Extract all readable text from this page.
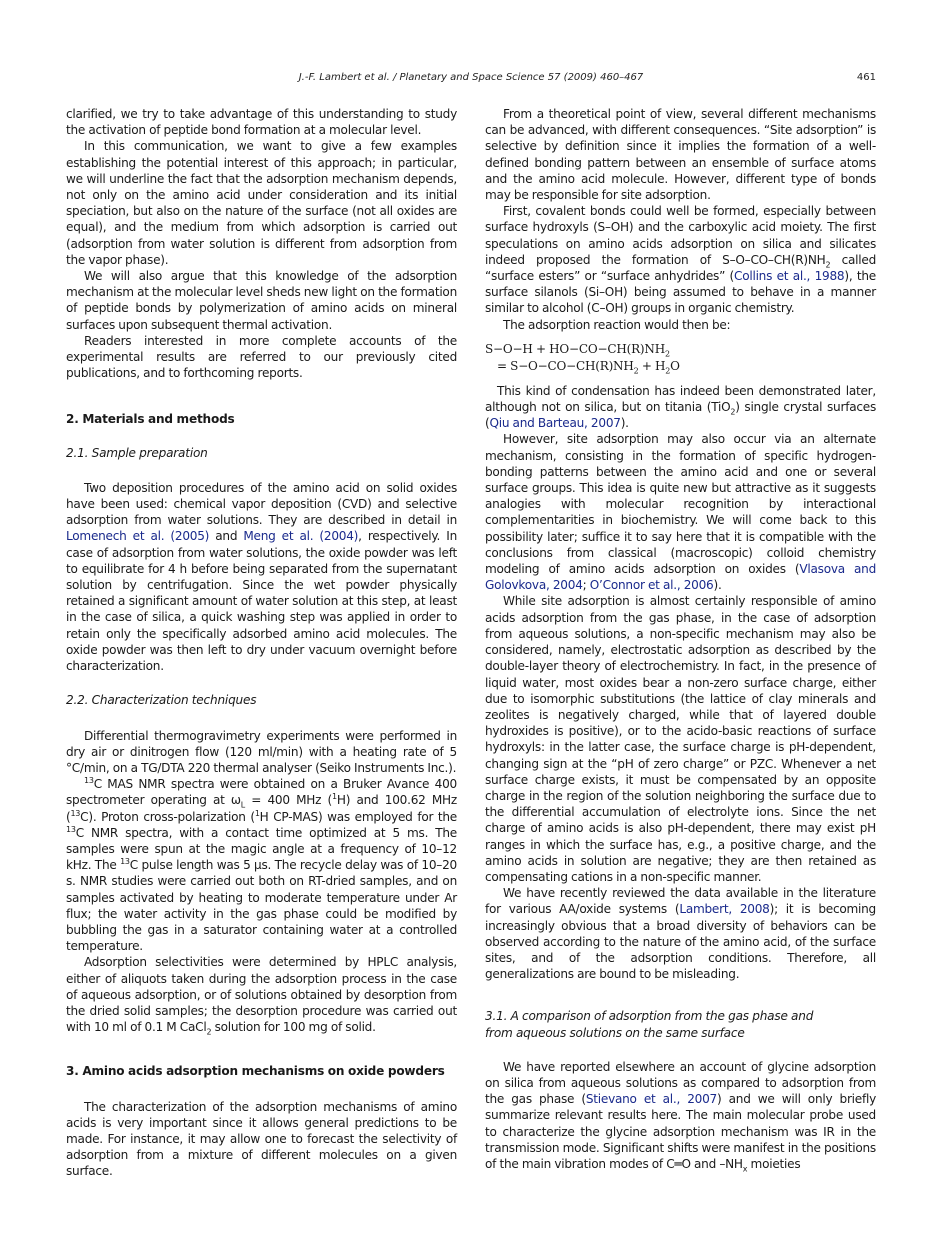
J.-F. Lambert et al. / Planetary and Space Science 57 (2009) 460–467	461

clarified, we try to take advantage of this understanding to study the activation of peptide bond formation at a molecular level.

In this communication, we want to give a few examples establishing the potential interest of this approach; in particular, we will underline the fact that the adsorption mechanism depends, not only on the amino acid under consideration and its initial speciation, but also on the nature of the surface (not all oxides are equal), and the medium from which adsorption is carried out (adsorption from water solution is different from adsorption from the vapor phase).

We will also argue that this knowledge of the adsorption mechanism at the molecular level sheds new light on the formation of peptide bonds by polymerization of amino acids on mineral surfaces upon subsequent thermal activation.

Readers interested in more complete accounts of the experimental results are referred to our previously cited publications, and to forthcoming reports.

2. Materials and methods
2.1. Sample preparation

Two deposition procedures of the amino acid on solid oxides have been used: chemical vapor deposition (CVD) and selective adsorption from water solutions. They are described in detail in Lomenech et al. (2005) and Meng et al. (2004), respectively. In case of adsorption from water solutions, the oxide powder was left to equilibrate for 4 h before being separated from the supernatant solution by centrifugation. Since the wet powder physically retained a significant amount of water solution at this step, at least in the case of silica, a quick washing step was applied in order to retain only the specifically adsorbed amino acid molecules. The oxide powder was then left to dry under vacuum overnight before characterization.

2.2. Characterization techniques

Differential thermogravimetry experiments were performed in dry air or dinitrogen flow (120 ml/min) with a heating rate of 5 °C/min, on a TG/DTA 220 thermal analyser (Seiko Instruments Inc.).

$^{13}$C MAS NMR spectra were obtained on a Bruker Avance 400 spectrometer operating at $\omega_L = 400$ MHz ($^1$H) and 100.62 MHz ($^{13}$C). Proton cross-polarization ($^1$H CP-MAS) was employed for the $^{13}$C NMR spectra, with a contact time optimized at 5 ms. The samples were spun at the magic angle at a frequency of 10–12 kHz. The $^{13}$C pulse length was 5 μs. The recycle delay was of 10–20 s. NMR studies were carried out both on RT-dried samples, and on samples activated by heating to moderate temperature under Ar flux; the water activity in the gas phase could be modified by bubbling the gas in a saturator containing water at a controlled temperature.

Adsorption selectivities were determined by HPLC analysis, either of aliquots taken during the adsorption process in the case of aqueous adsorption, or of solutions obtained by desorption from the dried solid samples; the desorption procedure was carried out with 10 ml of 0.1 M CaCl$_2$ solution for 100 mg of solid.

3. Amino acids adsorption mechanisms on oxide powders

The characterization of the adsorption mechanisms of amino acids is very important since it allows general predictions to be made. For instance, it may allow one to forecast the selectivity of adsorption from a mixture of different molecules on a given surface.

From a theoretical point of view, several different mechanisms can be advanced, with different consequences. “Site adsorption” is selective by definition since it implies the formation of a well-defined bonding pattern between an ensemble of surface atoms and the amino acid molecule. However, different type of bonds may be responsible for site adsorption.

First, covalent bonds could well be formed, especially between surface hydroxyls (S–OH) and the carboxylic acid moiety. The first speculations on amino acids adsorption on silica and silicates indeed proposed the formation of $S-O-CO-CH(R)NH_2$ called “surface esters” or “surface anhydrides” (Collins et al., 1988), the surface silanols (Si–OH) being assumed to behave in a manner similar to alcohol (C–OH) groups in organic chemistry.

The adsorption reaction would then be:

$S-O-H + HO-CO-CH(R)NH_2$
= $S-O-CO-CH(R)NH_2 + H_2O$

This kind of condensation has indeed been demonstrated later, although not on silica, but on titania (TiO$_2$) single crystal surfaces (Qiu and Barteau, 2007).

However, site adsorption may also occur via an alternate mechanism, consisting in the formation of specific hydrogen-bonding patterns between the amino acid and one or several surface groups. This idea is quite new but attractive as it suggests analogies with molecular recognition by interactional complementarities in biochemistry. We will come back to this possibility later; suffice it to say here that it is compatible with the conclusions from classical (macroscopic) colloid chemistry modeling of amino acids adsorption on oxides (Vlasova and Golovkova, 2004; O’Connor et al., 2006).

While site adsorption is almost certainly responsible of amino acids adsorption from the gas phase, in the case of adsorption from aqueous solutions, a non-specific mechanism may also be considered, namely, electrostatic adsorption as described by the double-layer theory of electrochemistry. In fact, in the presence of liquid water, most oxides bear a non-zero surface charge, either due to isomorphic substitutions (the lattice of clay minerals and zeolites is negatively charged, while that of layered double hydroxides is positive), or to the acido-basic reactions of surface hydroxyls: in the latter case, the surface charge is pH-dependent, changing sign at the “pH of zero charge” or PZC. Whenever a net surface charge exists, it must be compensated by an opposite charge in the region of the solution neighboring the surface due to the differential accumulation of electrolyte ions. Since the net charge of amino acids is also pH-dependent, there may exist pH ranges in which the surface has, e.g., a positive charge, and the amino acids in solution are negative; they are then retained as compensating cations in a non-specific manner.

We have recently reviewed the data available in the literature for various AA/oxide systems (Lambert, 2008); it is becoming increasingly obvious that a broad diversity of behaviors can be observed according to the nature of the amino acid, of the surface sites, and of the adsorption conditions. Therefore, all generalizations are bound to be misleading.

3.1. A comparison of adsorption from the gas phase and from aqueous solutions on the same surface

We have reported elsewhere an account of glycine adsorption on silica from aqueous solutions as compared to adsorption from the gas phase (Stievano et al., 2007) and we will only briefly summarize relevant results here. The main molecular probe used to characterize the glycine adsorption mechanism was IR in the transmission mode. Significant shifts were manifest in the positions of the main vibration modes of C═O and $-NH_x$ moieties
